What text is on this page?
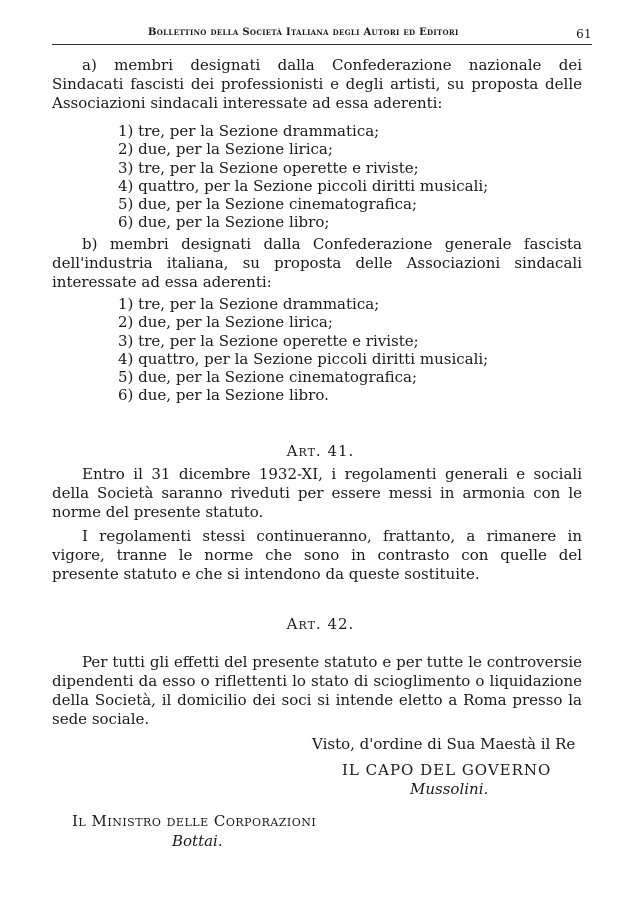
Bollettino della Società Italiana degli Autori ed Editori	61

a) membri designati dalla Confederazione nazionale dei Sindacati fascisti dei professionisti e degli artisti, su proposta delle Associazioni sindacali interessate ad essa aderenti:

1) tre, per la Sezione drammatica;
2) due, per la Sezione lirica;
3) tre, per la Sezione operette e riviste;
4) quattro, per la Sezione piccoli diritti musicali;
5) due, per la Sezione cinematografica;
6) due, per la Sezione libro;

b) membri designati dalla Confederazione generale fascista dell'industria italiana, su proposta delle Associazioni sindacali interessate ad essa aderenti:

1) tre, per la Sezione drammatica;
2) due, per la Sezione lirica;
3) tre, per la Sezione operette e riviste;
4) quattro, per la Sezione piccoli diritti musicali;
5) due, per la Sezione cinematografica;
6) due, per la Sezione libro.
Art. 41.

Entro il 31 dicembre 1932-XI, i regolamenti generali e sociali della Società saranno riveduti per essere messi in armonia con le norme del presente statuto.

I regolamenti stessi continueranno, frattanto, a rimanere in vigore, tranne le norme che sono in contrasto con quelle del presente statuto e che si intendono da queste sostituite.

Art. 42.

Per tutti gli effetti del presente statuto e per tutte le controversie dipendenti da esso o riflettenti lo stato di scioglimento o liquidazione della Società, il domicilio dei soci si intende eletto a Roma presso la sede sociale.

Visto, d'ordine di Sua Maestà il Re
IL CAPO DEL GOVERNO
Mussolini.
Il Ministro delle Corporazioni
Bottai.
